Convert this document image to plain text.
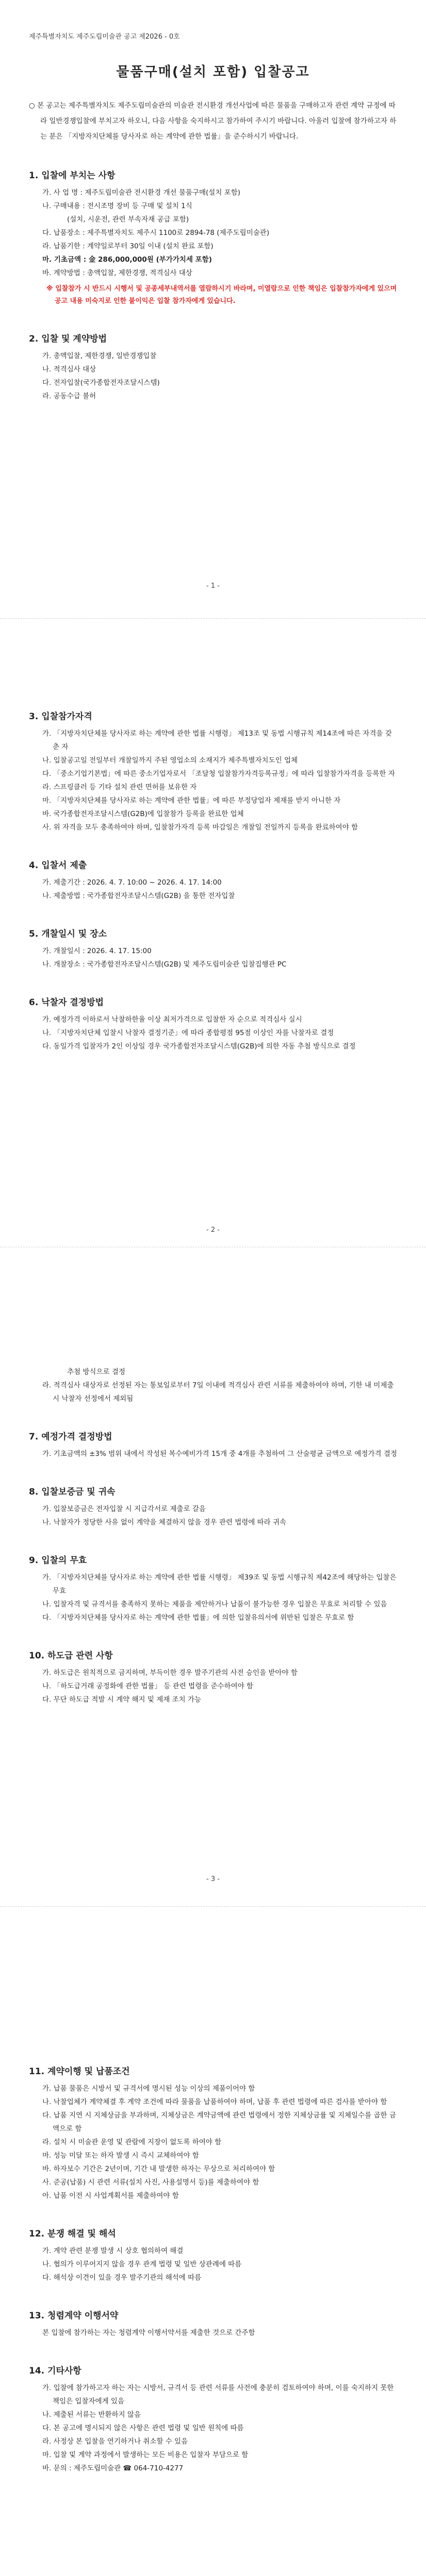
제주특별자치도 제주도립미술관 공고 제2026 - 0호
물품구매(설치 포함) 입찰공고
○ 본 공고는 제주특별자치도 제주도립미술관의 미술관 전시환경 개선사업에 따른 물품을 구매하고자 관련 계약 규정에 따라 일반경쟁입찰에 부치고자 하오니, 다음 사항을 숙지하시고 참가하여 주시기 바랍니다. 아울러 입찰에 참가하고자 하는 분은 「지방자치단체를 당사자로 하는 계약에 관한 법률」을 준수하시기 바랍니다.
1. 입찰에 부치는 사항
가. 사 업 명 : 제주도립미술관 전시환경 개선 물품구매(설치 포함)
나. 구매내용 : 전시조명 장비 등 구매 및 설치 1식
(설치, 시운전, 관련 부속자재 공급 포함)
다. 납품장소 : 제주특별자치도 제주시 1100로 2894-78 (제주도립미술관)
라. 납품기한 : 계약일로부터 30일 이내 (설치 완료 포함)
마. 기초금액 : 金 286,000,000원 (부가가치세 포함)
바. 계약방법 : 총액입찰, 제한경쟁, 적격심사 대상
※ 입찰참가 시 반드시 시행서 및 공종세부내역서를 열람하시기 바라며, 미열람으로 인한 책임은 입찰참가자에게 있으며 공고 내용 미숙지로 인한 불이익은 입찰 참가자에게 있습니다.
2. 입찰 및 계약방법
가. 총액입찰, 제한경쟁, 일반경쟁입찰
나. 적격심사 대상
다. 전자입찰(국가종합전자조달시스템)
라. 공동수급 불허
- 1 -
3. 입찰참가자격
가. 「지방자치단체를 당사자로 하는 계약에 관한 법률 시행령」 제13조 및 동법 시행규칙 제14조에 따른 자격을 갖춘 자
나. 입찰공고일 전일부터 개찰일까지 주된 영업소의 소재지가 제주특별자치도인 업체
다. 「중소기업기본법」에 따른 중소기업자로서 「조달청 입찰참가자격등록규정」에 따라 입찰참가자격을 등록한 자
라. 스프링클러 등 기타 설치 관련 면허를 보유한 자
마. 「지방자치단체를 당사자로 하는 계약에 관한 법률」에 따른 부정당업자 제재를 받지 아니한 자
바. 국가종합전자조달시스템(G2B)에 입찰참가 등록을 완료한 업체
사. 위 자격을 모두 충족하여야 하며, 입찰참가자격 등록 마감일은 개찰일 전일까지 등록을 완료하여야 함
4. 입찰서 제출
가. 제출기간 : 2026. 4. 7. 10:00 ~ 2026. 4. 17. 14:00
나. 제출방법 : 국가종합전자조달시스템(G2B) 을 통한 전자입찰
5. 개찰일시 및 장소
가. 개찰일시 : 2026. 4. 17. 15:00
나. 개찰장소 : 국가종합전자조달시스템(G2B) 및 제주도립미술관 입찰집행관 PC
6. 낙찰자 결정방법
가. 예정가격 이하로서 낙찰하한율 이상 최저가격으로 입찰한 자 순으로 적격심사 실시
나. 「지방자치단체 입찰시 낙찰자 결정기준」에 따라 종합평점 95점 이상인 자를 낙찰자로 결정
다. 동일가격 입찰자가 2인 이상일 경우 국가종합전자조달시스템(G2B)에 의한 자동 추첨 방식으로 결정
- 2 -
추첨 방식으로 결정
라. 적격심사 대상자로 선정된 자는 통보일로부터 7일 이내에 적격심사 관련 서류를 제출하여야 하며, 기한 내 미제출 시 낙찰자 선정에서 제외됨
7. 예정가격 결정방법
가. 기초금액의 ±3% 범위 내에서 작성된 복수예비가격 15개 중 4개를 추첨하여 그 산술평균 금액으로 예정가격 결정
8. 입찰보증금 및 귀속
가. 입찰보증금은 전자입찰 시 지급각서로 제출로 갈음
나. 낙찰자가 정당한 사유 없이 계약을 체결하지 않을 경우 관련 법령에 따라 귀속
9. 입찰의 무효
가. 「지방자치단체를 당사자로 하는 계약에 관한 법률 시행령」 제39조 및 동법 시행규칙 제42조에 해당하는 입찰은 무효
나. 입찰자격 및 규격서를 충족하지 못하는 제품을 제안하거나 납품이 불가능한 경우 입찰은 무효로 처리할 수 있음
다. 「지방자치단체를 당사자로 하는 계약에 관한 법률」에 의한 입찰유의서에 위반된 입찰은 무효로 함
10. 하도급 관련 사항
가. 하도급은 원칙적으로 금지하며, 부득이한 경우 발주기관의 사전 승인을 받아야 함
나. 「하도급거래 공정화에 관한 법률」 등 관련 법령을 준수하여야 함
다. 무단 하도급 적발 시 계약 해지 및 제재 조치 가능
- 3 -
11. 계약이행 및 납품조건
가. 납품 물품은 시방서 및 규격서에 명시된 성능 이상의 제품이어야 함
나. 낙찰업체가 계약체결 후 계약 조건에 따라 물품을 납품하여야 하며, 납품 후 관련 법령에 따른 검사를 받아야 함
다. 납품 지연 시 지체상금을 부과하며, 지체상금은 계약금액에 관련 법령에서 정한 지체상금률 및 지체일수를 곱한 금액으로 함
라. 설치 시 미술관 운영 및 관람에 지장이 없도록 하여야 함
마. 성능 미달 또는 하자 발생 시 즉시 교체하여야 함
바. 하자보수 기간은 2년이며, 기간 내 발생한 하자는 무상으로 처리하여야 함
사. 준공(납품) 시 관련 서류(설치 사진, 사용설명서 등)를 제출하여야 함
아. 납품 이전 시 사업계획서를 제출하여야 함
12. 분쟁 해결 및 해석
가. 계약 관련 분쟁 발생 시 상호 협의하여 해결
나. 협의가 이루어지지 않을 경우 관계 법령 및 일반 상관례에 따름
다. 해석상 이견이 있을 경우 발주기관의 해석에 따름
13. 청렴계약 이행서약
본 입찰에 참가하는 자는 청렴계약 이행서약서를 제출한 것으로 간주함
14. 기타사항
가. 입찰에 참가하고자 하는 자는 시방서, 규격서 등 관련 서류를 사전에 충분히 검토하여야 하며, 이를 숙지하지 못한 책임은 입찰자에게 있음
나. 제출된 서류는 반환하지 않음
다. 본 공고에 명시되지 않은 사항은 관련 법령 및 일반 원칙에 따름
라. 사정상 본 입찰을 연기하거나 취소할 수 있음
마. 입찰 및 계약 과정에서 발생하는 모든 비용은 입찰자 부담으로 함
바. 문의 : 제주도립미술관 ☎ 064-710-4277
